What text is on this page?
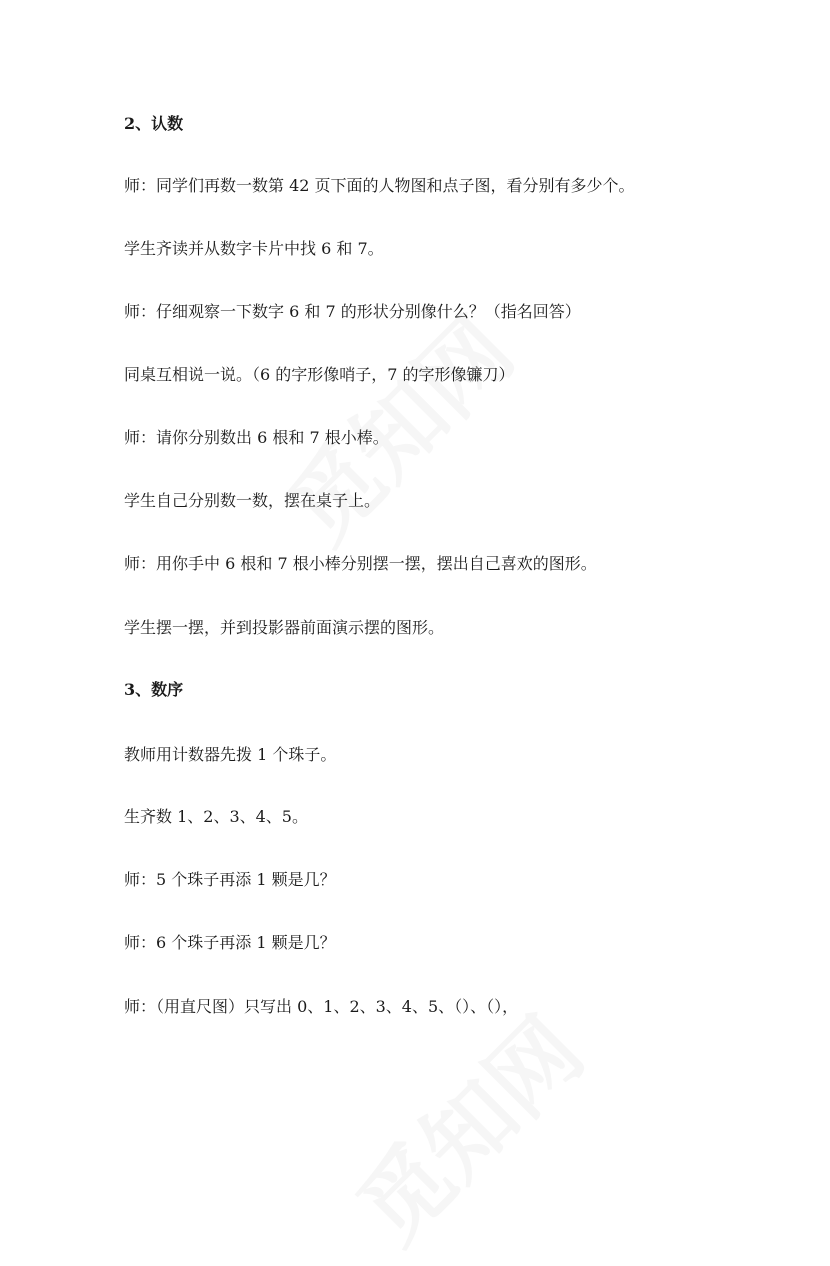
2、认数
师：同学们再数一数第 42 页下面的人物图和点子图，看分别有多少个。
学生齐读并从数字卡片中找 6 和 7。
师：仔细观察一下数字 6 和 7 的形状分别像什么？（指名回答）
同桌互相说一说。（6 的字形像哨子，7 的字形像镰刀）
师：请你分别数出 6 根和 7 根小棒。
学生自己分别数一数，摆在桌子上。
师：用你手中 6 根和 7 根小棒分别摆一摆，摆出自己喜欢的图形。
学生摆一摆，并到投影器前面演示摆的图形。
3、数序
教师用计数器先拨 1 个珠子。
生齐数 1、2、3、4、5。
师：5 个珠子再添 1 颗是几？
师：6 个珠子再添 1 颗是几？
师：（用直尺图）只写出 0、1、2、3、4、5、（）、（），
